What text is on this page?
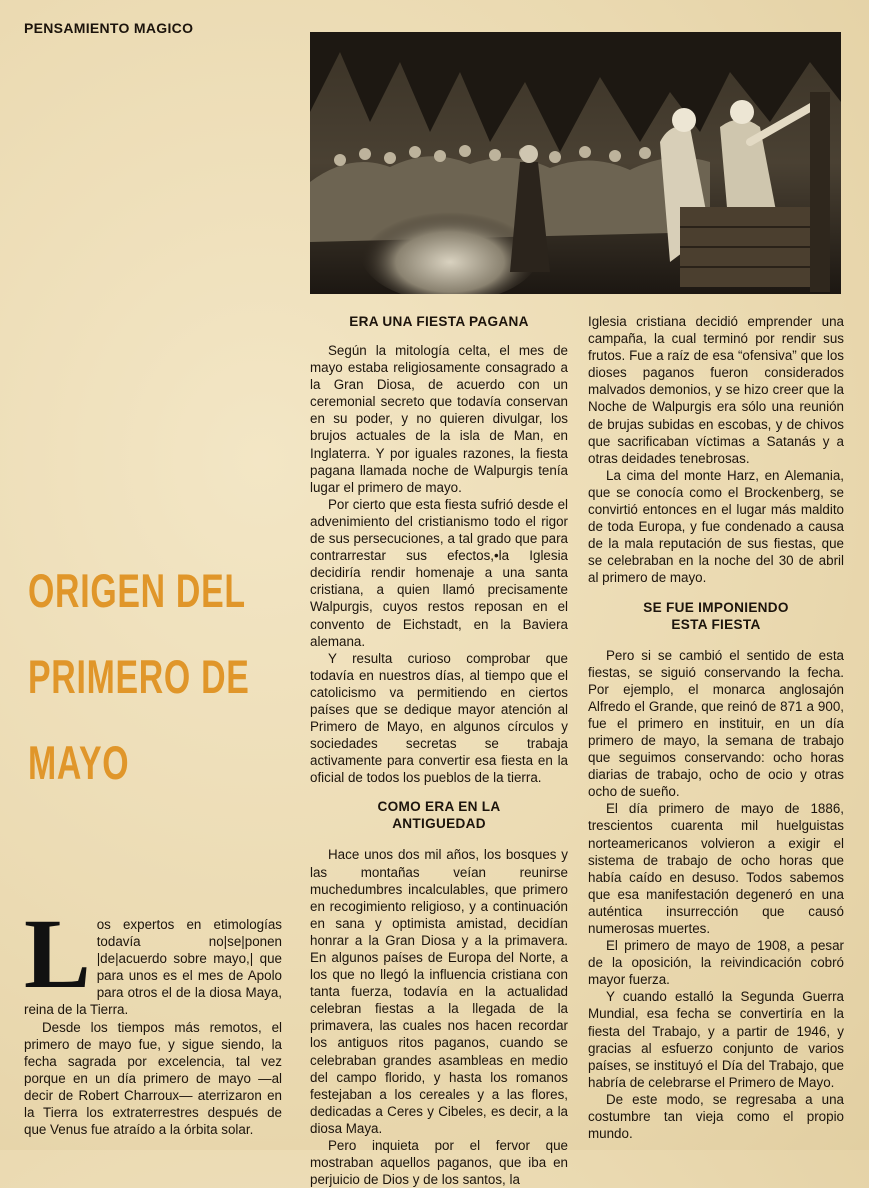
PENSAMIENTO MAGICO
ORIGEN DEL
PRIMERO DE
MAYO

Los expertos en etimologías todavía no|se|ponen |de|acuerdo sobre mayo,| que para unos es el mes de Apolo para otros el de la diosa Maya, reina de la Tierra.

Desde los tiempos más remotos, el primero de mayo fue, y sigue siendo, la fecha sagrada por excelencia, tal vez porque en un día primero de mayo —al decir de Robert Charroux— aterrizaron en la Tierra los extraterrestres después de que Venus fue atraído a la órbita solar.

ERA UNA FIESTA PAGANA

Según la mitología celta, el mes de mayo estaba religiosamente consagrado a la Gran Diosa, de acuerdo con un ceremonial secreto que todavía conservan en su poder, y no quieren divulgar, los brujos actuales de la isla de Man, en Inglaterra. Y por iguales razones, la fiesta pagana llamada noche de Walpurgis tenía lugar el primero de mayo.

Por cierto que esta fiesta sufrió desde el advenimiento del cristianismo todo el rigor de sus persecuciones, a tal grado que para contrarrestar sus efectos,•la Iglesia decidiría rendir homenaje a una santa cristiana, a quien llamó precisamente Walpurgis, cuyos restos reposan en el convento de Eichstadt, en la Baviera alemana.

Y resulta curioso comprobar que todavía en nuestros días, al tiempo que el catolicismo va permitiendo en ciertos países que se dedique mayor atención al Primero de Mayo, en algunos círculos y sociedades secretas se trabaja activamente para convertir esa fiesta en la oficial de todos los pueblos de la tierra.

COMO ERA EN LA
ANTIGUEDAD

Hace unos dos mil años, los bosques y las montañas veían reunirse muchedumbres incalculables, que primero en recogimiento religioso, y a continuación en sana y optimista amistad, decidían honrar a la Gran Diosa y a la primavera. En algunos países de Europa del Norte, a los que no llegó la influencia cristiana con tanta fuerza, todavía en la actualidad celebran fiestas a la llegada de la primavera, las cuales nos hacen recordar los antiguos ritos paganos, cuando se celebraban grandes asambleas en medio del campo florido, y hasta los romanos festejaban a los cereales y a las flores, dedicadas a Ceres y Cibeles, es decir, a la diosa Maya.

Pero inquieta por el fervor que mostraban aquellos paganos, que iba en perjuicio de Dios y de los santos, la

Iglesia cristiana decidió emprender una campaña, la cual terminó por rendir sus frutos. Fue a raíz de esa “ofensiva” que los dioses paganos fueron considerados malvados demonios, y se hizo creer que la Noche de Walpurgis era sólo una reunión de brujas subidas en escobas, y de chivos que sacrificaban víctimas a Satanás y a otras deidades tenebrosas.

La cima del monte Harz, en Alemania, que se conocía como el Brockenberg, se convirtió entonces en el lugar más maldito de toda Europa, y fue condenado a causa de la mala reputación de sus fiestas, que se celebraban en la noche del 30 de abril al primero de mayo.

SE FUE IMPONIENDO
ESTA FIESTA

Pero si se cambió el sentido de esta fiestas, se siguió conservando la fecha. Por ejemplo, el monarca anglosajón Alfredo el Grande, que reinó de 871 a 900, fue el primero en instituir, en un día primero de mayo, la semana de trabajo que seguimos conservando: ocho horas diarias de trabajo, ocho de ocio y otras ocho de sueño.

El día primero de mayo de 1886, trescientos cuarenta mil huelguistas norteamericanos volvieron a exigir el sistema de trabajo de ocho horas que había caído en desuso. Todos sabemos que esa manifestación degeneró en una auténtica insurrección que causó numerosas muertes.

El primero de mayo de 1908, a pesar de la oposición, la reivindicación cobró mayor fuerza.

Y cuando estalló la Segunda Guerra Mundial, esa fecha se convertiría en la fiesta del Trabajo, y a partir de 1946, y gracias al esfuerzo conjunto de varios países, se instituyó el Día del Trabajo, que habría de celebrarse el Primero de Mayo.

De este modo, se regresaba a una costumbre tan vieja como el propio mundo.
